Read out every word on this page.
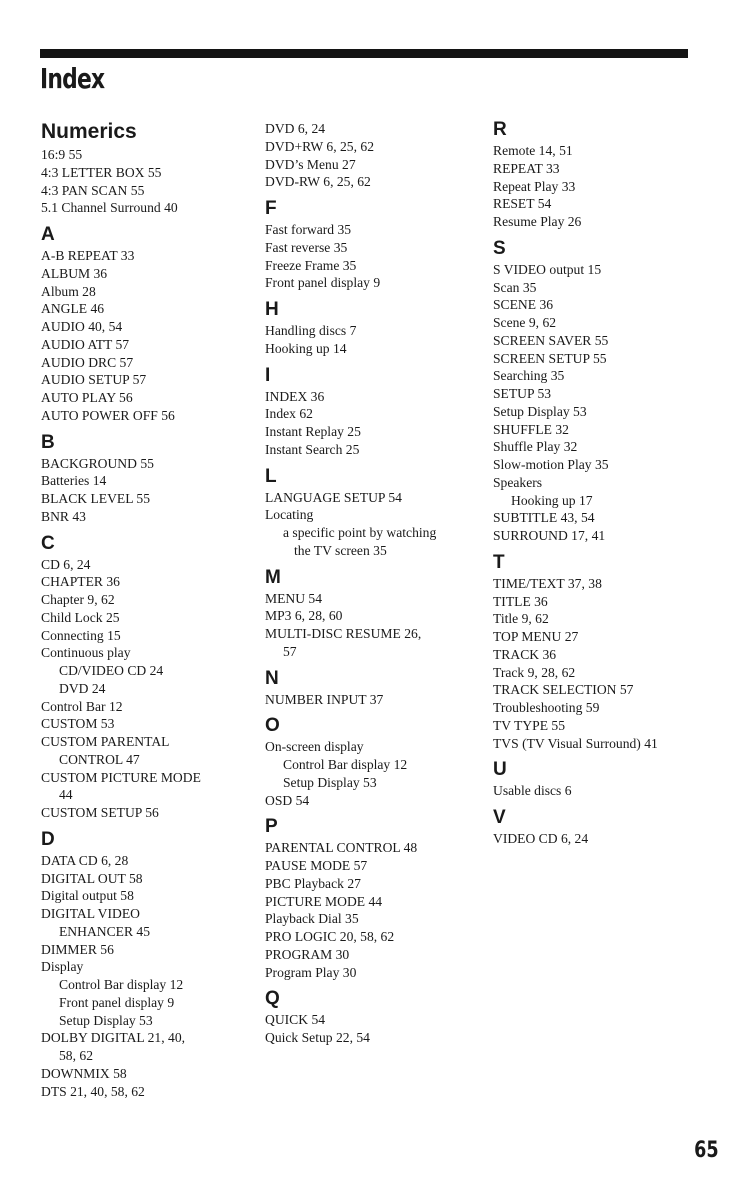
Index
Numerics
16:9 55
4:3 LETTER BOX 55
4:3 PAN SCAN 55
5.1 Channel Surround 40
A
A-B REPEAT 33
ALBUM 36
Album 28
ANGLE 46
AUDIO 40, 54
AUDIO ATT 57
AUDIO DRC 57
AUDIO SETUP 57
AUTO PLAY 56
AUTO POWER OFF 56
B
BACKGROUND 55
Batteries 14
BLACK LEVEL 55
BNR 43
C
CD 6, 24
CHAPTER 36
Chapter 9, 62
Child Lock 25
Connecting 15
Continuous play
CD/VIDEO CD 24
DVD 24
Control Bar 12
CUSTOM 53
CUSTOM PARENTAL
CONTROL 47
CUSTOM PICTURE MODE
44
CUSTOM SETUP 56
D
DATA CD 6, 28
DIGITAL OUT 58
Digital output 58
DIGITAL VIDEO
ENHANCER 45
DIMMER 56
Display
Control Bar display 12
Front panel display 9
Setup Display 53
DOLBY DIGITAL 21, 40,
58, 62
DOWNMIX 58
DTS 21, 40, 58, 62
DVD 6, 24
DVD+RW 6, 25, 62
DVD’s Menu 27
DVD-RW 6, 25, 62
F
Fast forward 35
Fast reverse 35
Freeze Frame 35
Front panel display 9
H
Handling discs 7
Hooking up 14
I
INDEX 36
Index 62
Instant Replay 25
Instant Search 25
L
LANGUAGE SETUP 54
Locating
a specific point by watching
the TV screen 35
M
MENU 54
MP3 6, 28, 60
MULTI-DISC RESUME 26,
57
N
NUMBER INPUT 37
O
On-screen display
Control Bar display 12
Setup Display 53
OSD 54
P
PARENTAL CONTROL 48
PAUSE MODE 57
PBC Playback 27
PICTURE MODE 44
Playback Dial 35
PRO LOGIC 20, 58, 62
PROGRAM 30
Program Play 30
Q
QUICK 54
Quick Setup 22, 54
R
Remote 14, 51
REPEAT 33
Repeat Play 33
RESET 54
Resume Play 26
S
S VIDEO output 15
Scan 35
SCENE 36
Scene 9, 62
SCREEN SAVER 55
SCREEN SETUP 55
Searching 35
SETUP 53
Setup Display 53
SHUFFLE 32
Shuffle Play 32
Slow-motion Play 35
Speakers
Hooking up 17
SUBTITLE 43, 54
SURROUND 17, 41
T
TIME/TEXT 37, 38
TITLE 36
Title 9, 62
TOP MENU 27
TRACK 36
Track 9, 28, 62
TRACK SELECTION 57
Troubleshooting 59
TV TYPE 55
TVS (TV Visual Surround) 41
U
Usable discs 6
V
VIDEO CD 6, 24
65
